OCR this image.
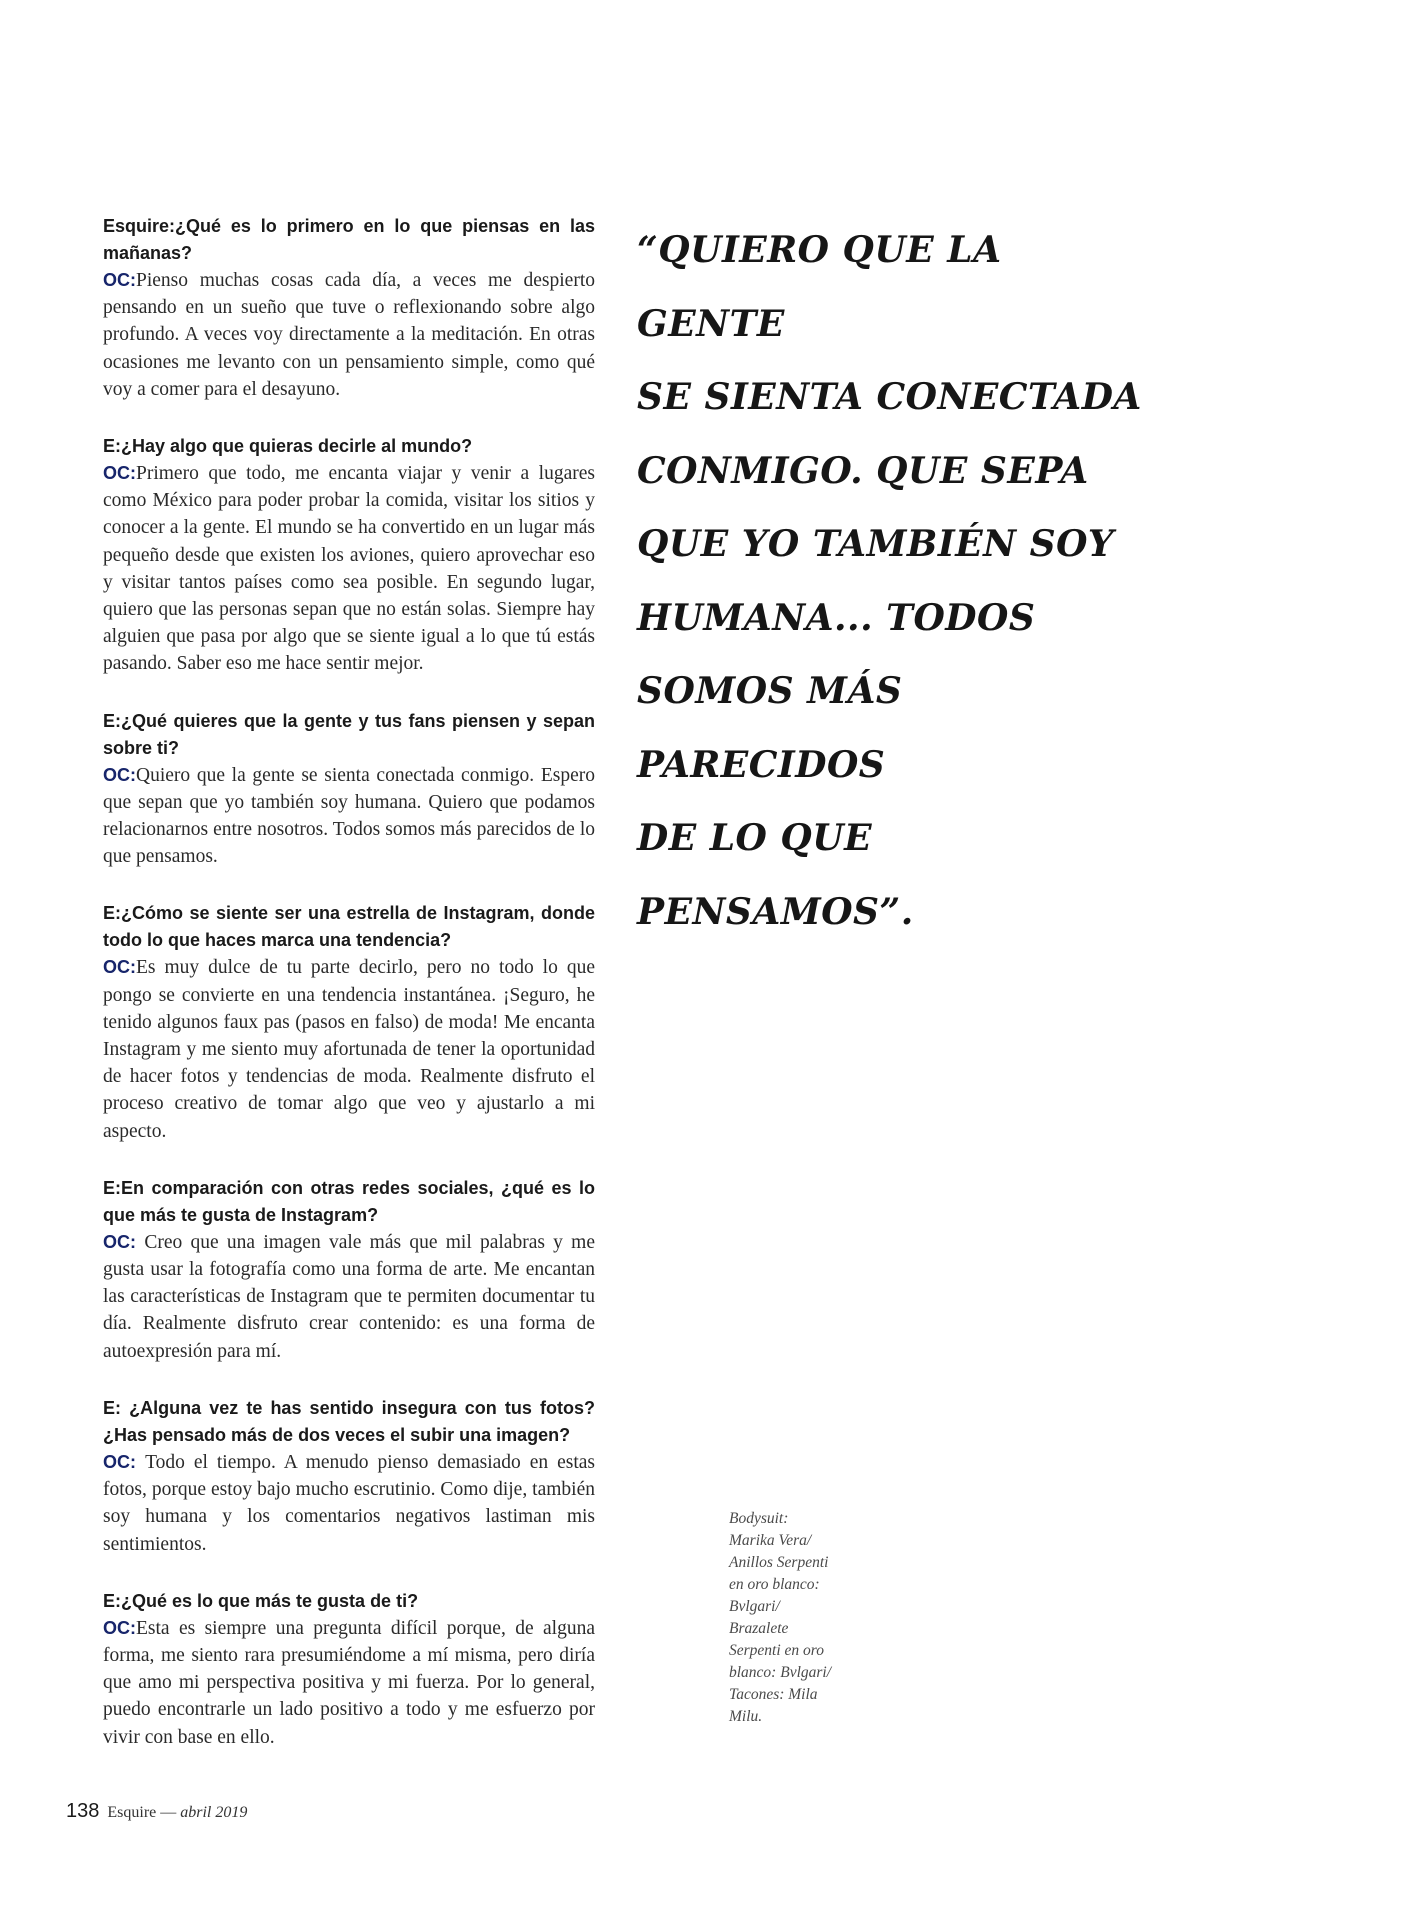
Esquire:¿Qué es lo primero en lo que piensas en las mañanas?

OC:Pienso muchas cosas cada día, a veces me despierto pensando en un sueño que tuve o reflexionando sobre algo profundo. A veces voy directamente a la meditación. En otras ocasiones me levanto con un pensamiento simple, como qué voy a comer para el desayuno.

E:¿Hay algo que quieras decirle al mundo?

OC:Primero que todo, me encanta viajar y venir a lugares como México para poder probar la comida, visitar los sitios y conocer a la gente. El mundo se ha convertido en un lugar más pequeño desde que existen los aviones, quiero aprovechar eso y visitar tantos países como sea posible. En segundo lugar, quiero que las personas sepan que no están solas. Siempre hay alguien que pasa por algo que se siente igual a lo que tú estás pasando. Saber eso me hace sentir mejor.

E:¿Qué quieres que la gente y tus fans piensen y sepan sobre ti?

OC:Quiero que la gente se sienta conectada conmigo. Espero que sepan que yo también soy humana. Quiero que podamos relacionarnos entre nosotros. Todos somos más parecidos de lo que pensamos.

E:¿Cómo se siente ser una estrella de Instagram, donde todo lo que haces marca una tendencia?

OC:Es muy dulce de tu parte decirlo, pero no todo lo que pongo se convierte en una tendencia instantánea. ¡Seguro, he tenido algunos faux pas (pasos en falso) de moda! Me encanta Instagram y me siento muy afortunada de tener la oportunidad de hacer fotos y tendencias de moda. Realmente disfruto el proceso creativo de tomar algo que veo y ajustarlo a mi aspecto.

E:En comparación con otras redes sociales, ¿qué es lo que más te gusta de Instagram?

OC: Creo que una imagen vale más que mil palabras y me gusta usar la fotografía como una forma de arte. Me encantan las características de Instagram que te permiten documentar tu día. Realmente disfruto crear contenido: es una forma de autoexpresión para mí.

E: ¿Alguna vez te has sentido insegura con tus fotos? ¿Has pensado más de dos veces el subir una imagen?

OC: Todo el tiempo. A menudo pienso demasiado en estas fotos, porque estoy bajo mucho escrutinio. Como dije, también soy humana y los comentarios negativos lastiman mis sentimientos.

E:¿Qué es lo que más te gusta de ti?

OC:Esta es siempre una pregunta difícil porque, de alguna forma, me siento rara presumiéndome a mí misma, pero diría que amo mi perspectiva positiva y mi fuerza. Por lo general, puedo encontrarle un lado positivo a todo y me esfuerzo por vivir con base en ello.

“QUIERO QUE LA GENTE
SE SIENTA CONECTADA
CONMIGO. QUE SEPA
QUE YO TAMBIÉN SOY
HUMANA... TODOS
SOMOS MÁS PARECIDOS
DE LO QUE PENSAMOS”.
Bodysuit:
Marika Vera/
Anillos Serpenti
en oro blanco:
Bvlgari/
Brazalete
Serpenti en oro
blanco: Bvlgari/
Tacones: Mila
Milu.
138 Esquire — abril 2019
